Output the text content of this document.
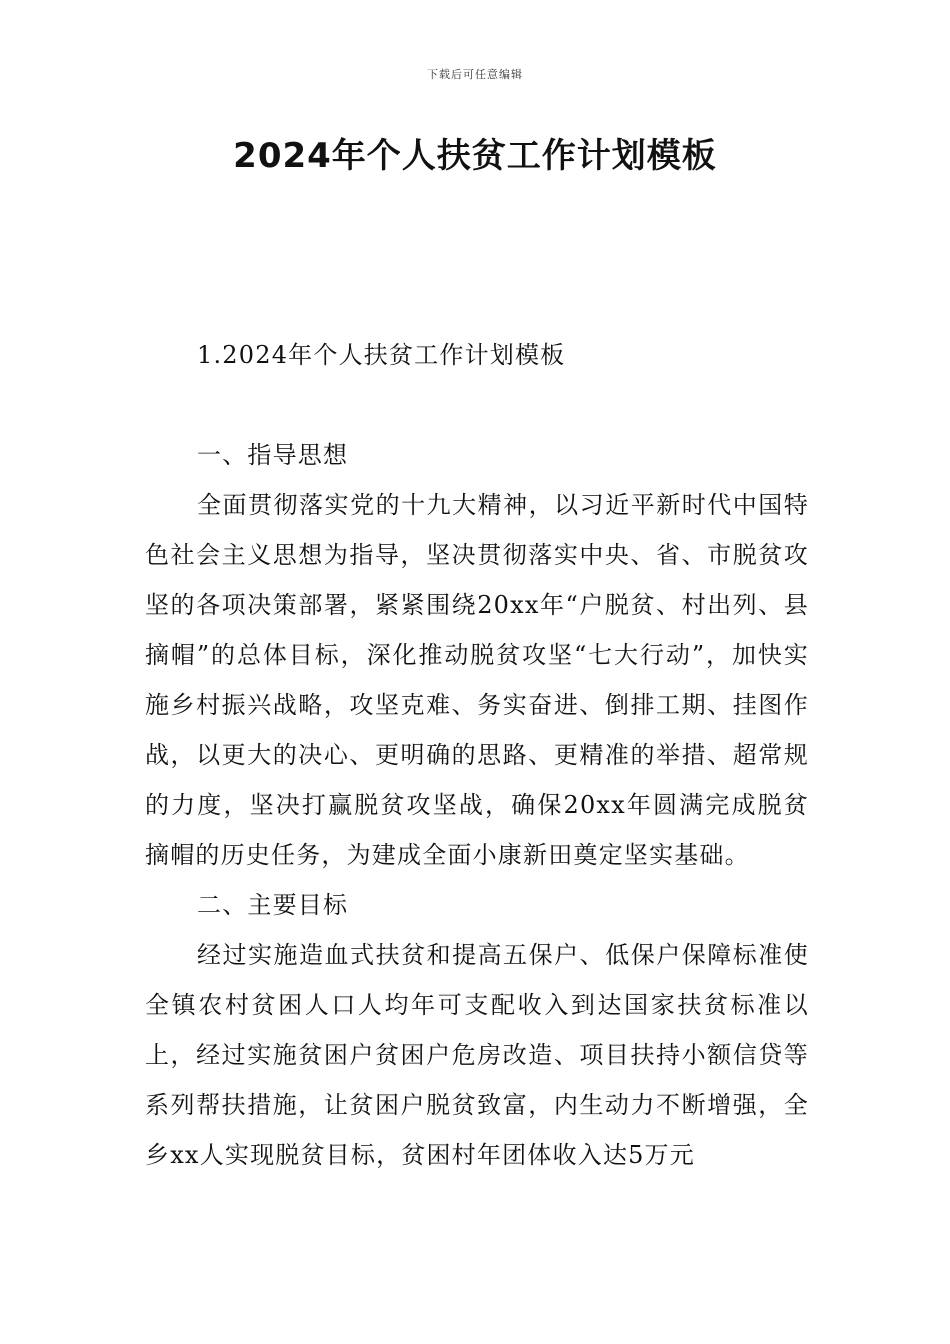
下载后可任意编辑
2024年个人扶贫工作计划模板

1.2024年个人扶贫工作计划模板

一、指导思想

全面贯彻落实党的十九大精神，以习近平新时代中国特色社会主义思想为指导，坚决贯彻落实中央、省、市脱贫攻坚的各项决策部署，紧紧围绕20xx年“户脱贫、村出列、县摘帽”的总体目标，深化推动脱贫攻坚“七大行动”，加快实施乡村振兴战略，攻坚克难、务实奋进、倒排工期、挂图作战，以更大的决心、更明确的思路、更精准的举措、超常规的力度，坚决打赢脱贫攻坚战，确保20xx年圆满完成脱贫摘帽的历史任务，为建成全面小康新田奠定坚实基础。

二、主要目标

经过实施造血式扶贫和提高五保户、低保户保障标准使全镇农村贫困人口人均年可支配收入到达国家扶贫标准以上，经过实施贫困户贫困户危房改造、项目扶持小额信贷等系列帮扶措施，让贫困户脱贫致富，内生动力不断增强，全乡xx人实现脱贫目标，贫困村年团体收入达5万元
